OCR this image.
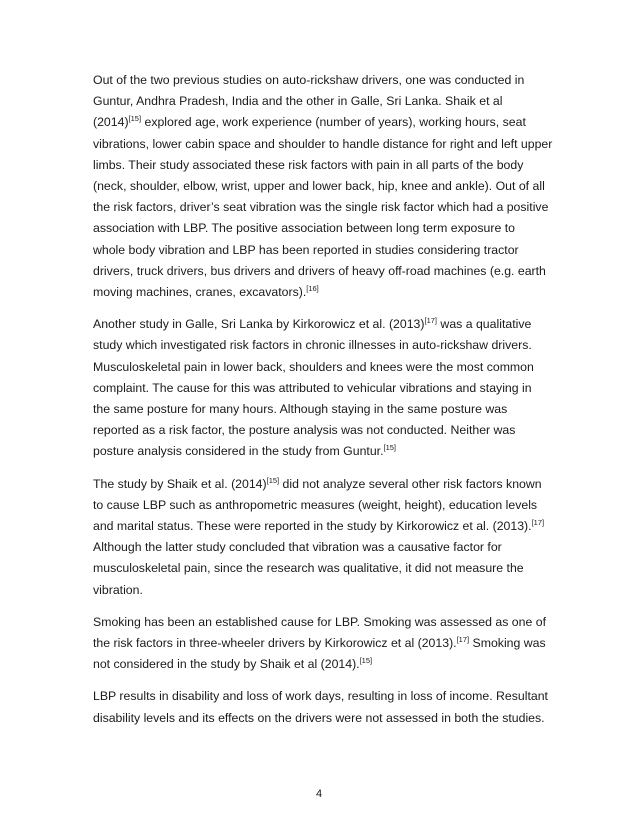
Out of the two previous studies on auto-rickshaw drivers, one was conducted in
Guntur, Andhra Pradesh, India and the other in Galle, Sri Lanka. Shaik et al
(2014)[15] explored age, work experience (number of years), working hours, seat
vibrations, lower cabin space and shoulder to handle distance for right and left upper
limbs. Their study associated these risk factors with pain in all parts of the body
(neck, shoulder, elbow, wrist, upper and lower back, hip, knee and ankle). Out of all
the risk factors, driver’s seat vibration was the single risk factor which had a positive
association with LBP. The positive association between long term exposure to
whole body vibration and LBP has been reported in studies considering tractor
drivers, truck drivers, bus drivers and drivers of heavy off-road machines (e.g. earth
moving machines, cranes, excavators).[16]

Another study in Galle, Sri Lanka by Kirkorowicz et al. (2013)[17] was a qualitative
study which investigated risk factors in chronic illnesses in auto-rickshaw drivers.
Musculoskeletal pain in lower back, shoulders and knees were the most common
complaint. The cause for this was attributed to vehicular vibrations and staying in
the same posture for many hours. Although staying in the same posture was
reported as a risk factor, the posture analysis was not conducted. Neither was
posture analysis considered in the study from Guntur.[15]

The study by Shaik et al. (2014)[15] did not analyze several other risk factors known
to cause LBP such as anthropometric measures (weight, height), education levels
and marital status. These were reported in the study by Kirkorowicz et al. (2013).[17]
Although the latter study concluded that vibration was a causative factor for
musculoskeletal pain, since the research was qualitative, it did not measure the
vibration.

Smoking has been an established cause for LBP. Smoking was assessed as one of
the risk factors in three-wheeler drivers by Kirkorowicz et al (2013).[17] Smoking was
not considered in the study by Shaik et al (2014).[15]

LBP results in disability and loss of work days, resulting in loss of income. Resultant
disability levels and its effects on the drivers were not assessed in both the studies.

4
